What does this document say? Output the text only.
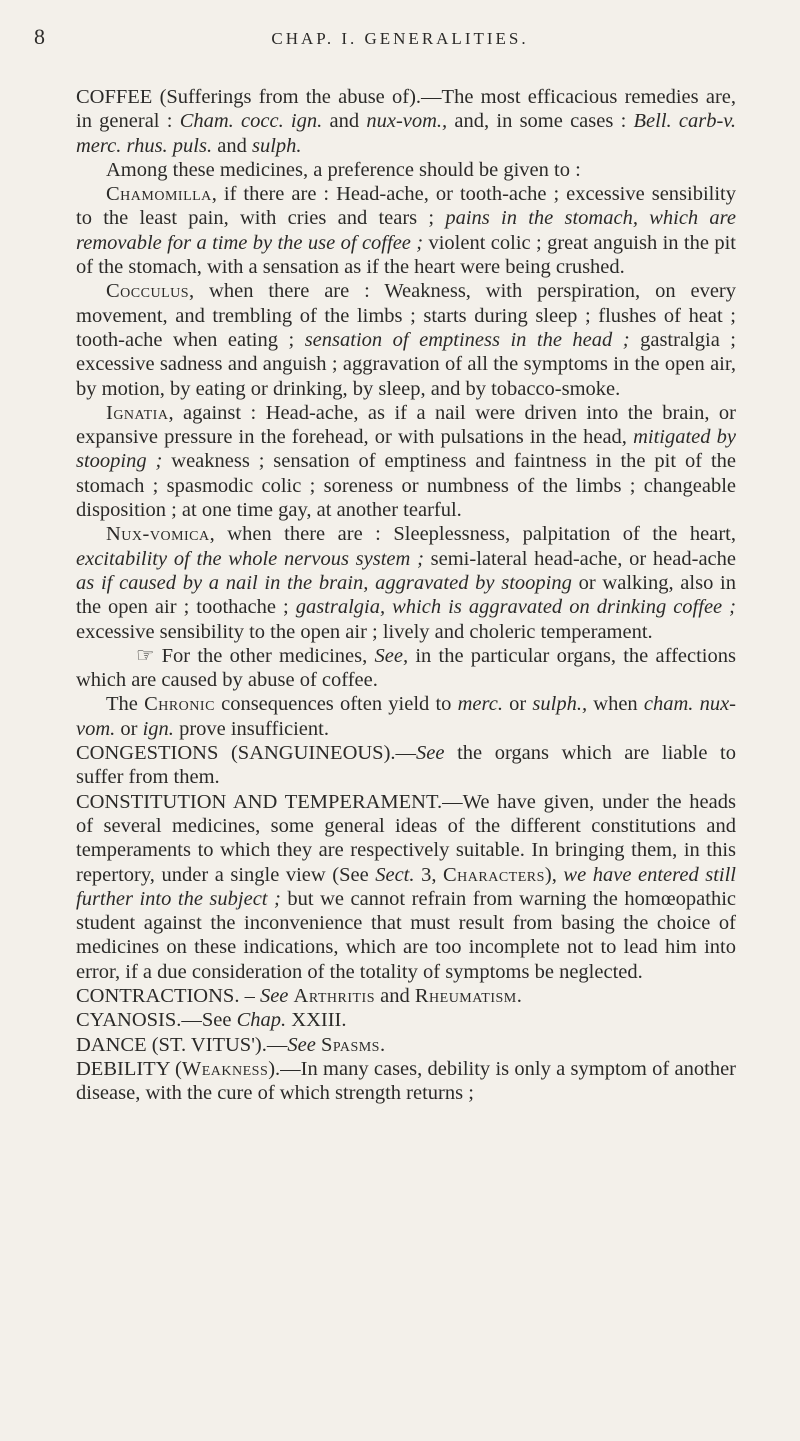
8	CHAP. I. GENERALITIES.

COFFEE (Sufferings from the abuse of).—The most efficacious remedies are, in general : Cham. cocc. ign. and nux-vom., and, in some cases : Bell. carb-v. merc. rhus. puls. and sulph.

Among these medicines, a preference should be given to :

Chamomilla, if there are : Head-ache, or tooth-ache ; excessive sensibility to the least pain, with cries and tears ; pains in the stomach, which are removable for a time by the use of coffee ; violent colic ; great anguish in the pit of the stomach, with a sensation as if the heart were being crushed.

Cocculus, when there are : Weakness, with perspiration, on every movement, and trembling of the limbs ; starts during sleep ; flushes of heat ; tooth-ache when eating ; sensation of emptiness in the head ; gastralgia ; excessive sadness and anguish ; aggravation of all the symptoms in the open air, by motion, by eating or drinking, by sleep, and by tobacco-smoke.

Ignatia, against : Head-ache, as if a nail were driven into the brain, or expansive pressure in the forehead, or with pulsations in the head, mitigated by stooping ; weakness ; sensation of emptiness and faintness in the pit of the stomach ; spasmodic colic ; soreness or numbness of the limbs ; changeable disposition ; at one time gay, at another tearful.

Nux-vomica, when there are : Sleeplessness, palpitation of the heart, excitability of the whole nervous system ; semi-lateral head-ache, or head-ache as if caused by a nail in the brain, aggravated by stooping or walking, also in the open air ; toothache ; gastralgia, which is aggravated on drinking coffee ; excessive sensibility to the open air ; lively and choleric temperament.

☞ For the other medicines, See, in the particular organs, the affections which are caused by abuse of coffee.

The Chronic consequences often yield to merc. or sulph., when cham. nux-vom. or ign. prove insufficient.

CONGESTIONS (SANGUINEOUS).—See the organs which are liable to suffer from them.

CONSTITUTION AND TEMPERAMENT.—We have given, under the heads of several medicines, some general ideas of the different constitutions and temperaments to which they are respectively suitable. In bringing them, in this repertory, under a single view (See Sect. 3, Characters), we have entered still further into the subject ; but we cannot refrain from warning the homœopathic student against the inconvenience that must result from basing the choice of medicines on these indications, which are too incomplete not to lead him into error, if a due consideration of the totality of symptoms be neglected.

CONTRACTIONS. – See Arthritis and Rheumatism.

CYANOSIS.—See Chap. XXIII.

DANCE (ST. VITUS').—See Spasms.

DEBILITY (Weakness).—In many cases, debility is only a symptom of another disease, with the cure of which strength returns ;
